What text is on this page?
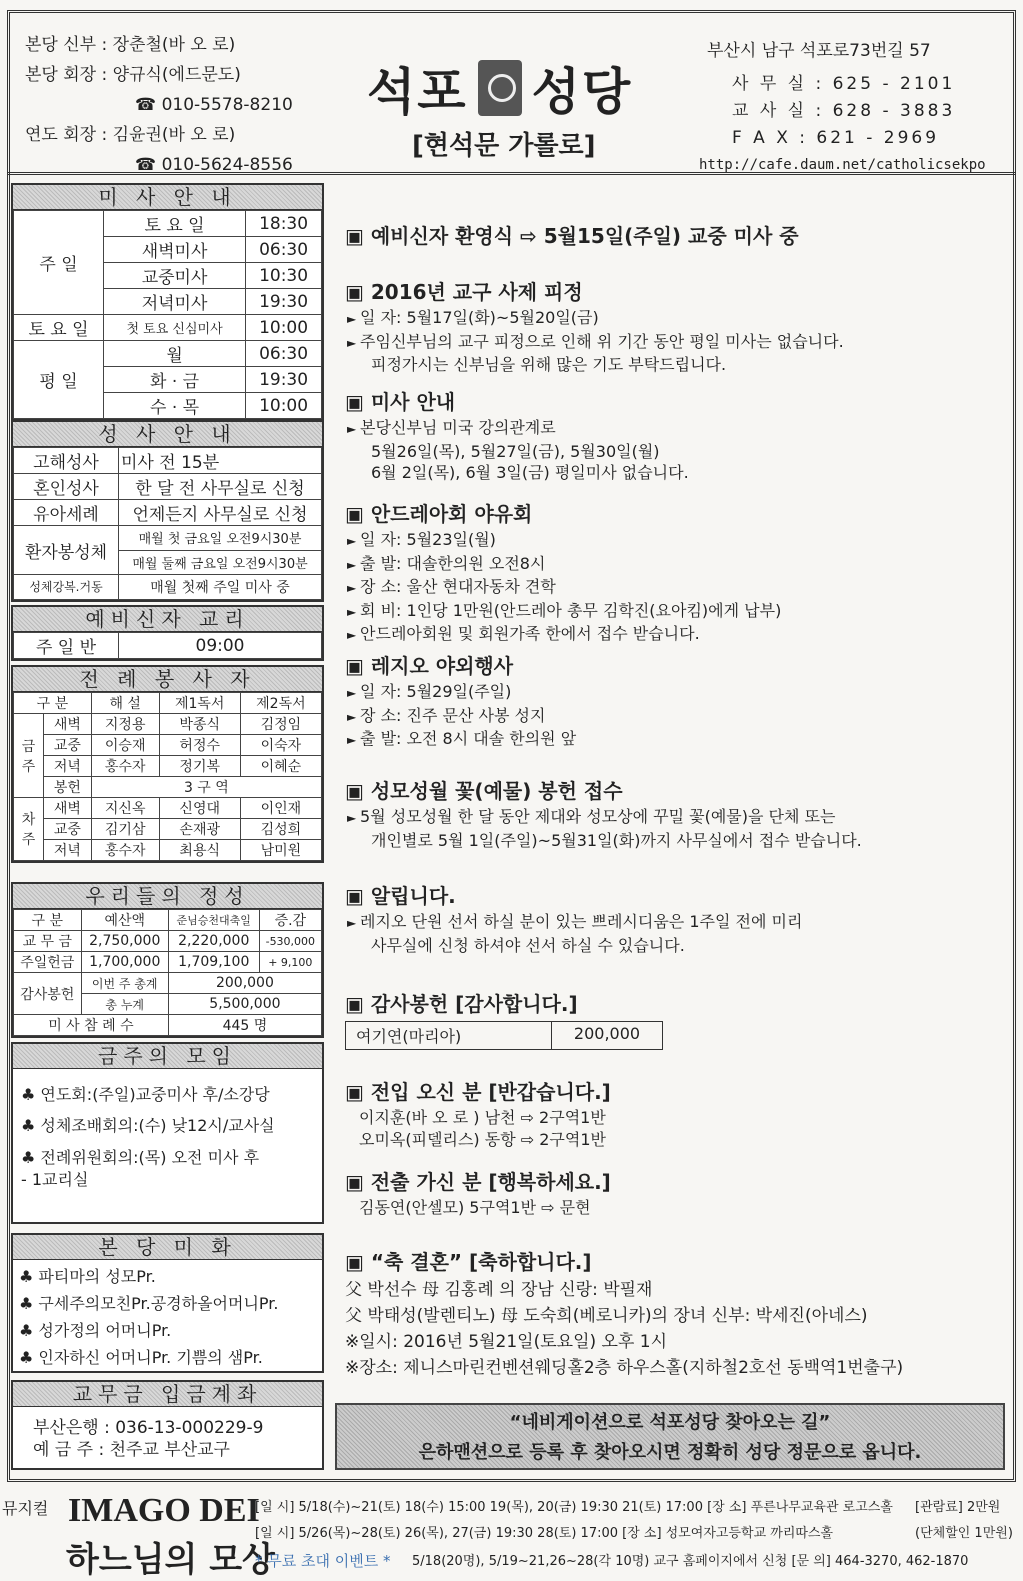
본당 신부 : 장춘철(바 오 로)
본당 회장 : 양규식(에드문도)
☎ 010-5578-8210
연도 회장 : 김윤권(바 오 로)
☎ 010-5624-8556
석포 성당
[현석문 가롤로]
부산시 남구 석포로73번길 57
사 무 실 : 625 - 2101
교 사 실 : 628 - 3883
F A X : 621 - 2969
http://cafe.daum.net/catholicsekpo
미 사 안 내
주 일	토 요 일	18:30
	새벽미사	06:30
	교중미사	10:30
	저녁미사	19:30
토 요 일	첫 토요 신심미사	10:00
평 일	월	06:30
	화 · 금	19:30
	수 · 목	10:00
성 사 안 내
고해성사	미사 전 15분
혼인성사	한 달 전 사무실로 신청
유아세례	언제든지 사무실로 신청
환자봉성체	매월 첫 금요일 오전9시30분
	매월 둘째 금요일 오전9시30분
성체강복.거동	매월 첫째 주일 미사 중
예비신자 교리
주 일 반	09:00
전 례 봉 사 자
구 분		해 설	제1독서	제2독서
금 주	새벽	지정용	박종식	김정임
	교중	이승재	허정수	이숙자
	저녁	홍수자	정기복	이혜순
	봉헌	3 구 역		
차 주	새벽	지신옥	신영대	이인재
	교중	김기삼	손재광	김성희
	저녁	홍수자	최용식	남미원
우리들의 정성
구 분	예산액	준님승천대축일	증.감
교 무 금	2,750,000	2,220,000	-530,000
주일헌금	1,700,000	1,709,100	+ 9,100
감사봉헌	이번 주 총계	200,000	
	총 누계	5,500,000	
미 사 참 례 수		445 명	
금주의 모임
♣ 연도회:(주일)교중미사 후/소강당
♣ 성체조배회의:(수) 낮12시/교사실
♣ 전례위원회의:(목) 오전 미사 후
- 1교리실
본 당 미 화
♣ 파티마의 성모Pr.
♣ 구세주의모친Pr.공경하올어머니Pr.
♣ 성가정의 어머니Pr.
♣ 인자하신 어머니Pr. 기쁨의 샘Pr.
교무금 입금계좌
부산은행 : 036-13-000229-9
예 금 주 : 천주교 부산교구
▣ 예비신자 환영식 ⇨ 5월15일(주일) 교중 미사 중
▣ 2016년 교구 사제 피정

► 일 자: 5월17일(화)~5월20일(금)

► 주임신부님의 교구 피정으로 인해 위 기간 동안 평일 미사는 없습니다.

피정가시는 신부님을 위해 많은 기도 부탁드립니다.

▣ 미사 안내

► 본당신부님 미국 강의관계로

5월26일(목), 5월27일(금), 5월30일(월)

6월 2일(목), 6월 3일(금) 평일미사 없습니다.

▣ 안드레아회 야유회

► 일 자: 5월23일(월)

► 출 발: 대솔한의원 오전8시

► 장 소: 울산 현대자동차 견학

► 회 비: 1인당 1만원(안드레아 총무 김학진(요아킴)에게 납부)

► 안드레아회원 및 회원가족 한에서 접수 받습니다.

▣ 레지오 야외행사

► 일 자: 5월29일(주일)

► 장 소: 진주 문산 사봉 성지

► 출 발: 오전 8시 대솔 한의원 앞

▣ 성모성월 꽃(예물) 봉헌 접수

► 5월 성모성월 한 달 동안 제대와 성모상에 꾸밀 꽃(예물)을 단체 또는

개인별로 5월 1일(주일)~5월31일(화)까지 사무실에서 접수 받습니다.

▣ 알립니다.

► 레지오 단원 선서 하실 분이 있는 쁘레시디움은 1주일 전에 미리

사무실에 신청 하셔야 선서 하실 수 있습니다.

▣ 감사봉헌 [감사합니다.]
여기연(마리아)	200,000
▣ 전입 오신 분 [반갑습니다.]

이지훈(바 오 로 ) 남천 ⇨ 2구역1반

오미옥(피델리스) 동항 ⇨ 2구역1반

▣ 전출 가신 분 [행복하세요.]

김동연(안셀모) 5구역1반 ⇨ 문현

▣ “축 결혼” [축하합니다.]

父 박선수 母 김홍례 의 장남 신랑: 박필재

父 박태성(발렌티노) 母 도숙희(베로니카)의 장녀 신부: 박세진(아네스)

※일시: 2016년 5월21일(토요일) 오후 1시

※장소: 제니스마린컨벤션웨딩홀2층 하우스홀(지하철2호선 동백역1번출구)

“네비게이션으로 석포성당 찾아오는 길”
은하맨션으로 등록 후 찾아오시면 정확히 성당 정문으로 옵니다.
뮤지컬 IMAGO DEI
하느님의 모상
[일 시] 5/18(수)~21(토) 18(수) 15:00 19(목), 20(금) 19:30 21(토) 17:00 [장 소] 푸른나무교육관 로고스홀 [관람료] 2만원
[일 시] 5/26(목)~28(토) 26(목), 27(금) 19:30 28(토) 17:00 [장 소] 성모여자고등학교 까리따스홀	(단체할인 1만원)
* 무료 초대 이벤트 * 5/18(20명), 5/19~21,26~28(각 10명) 교구 홈페이지에서 신청 [문 의] 464-3270, 462-1870
